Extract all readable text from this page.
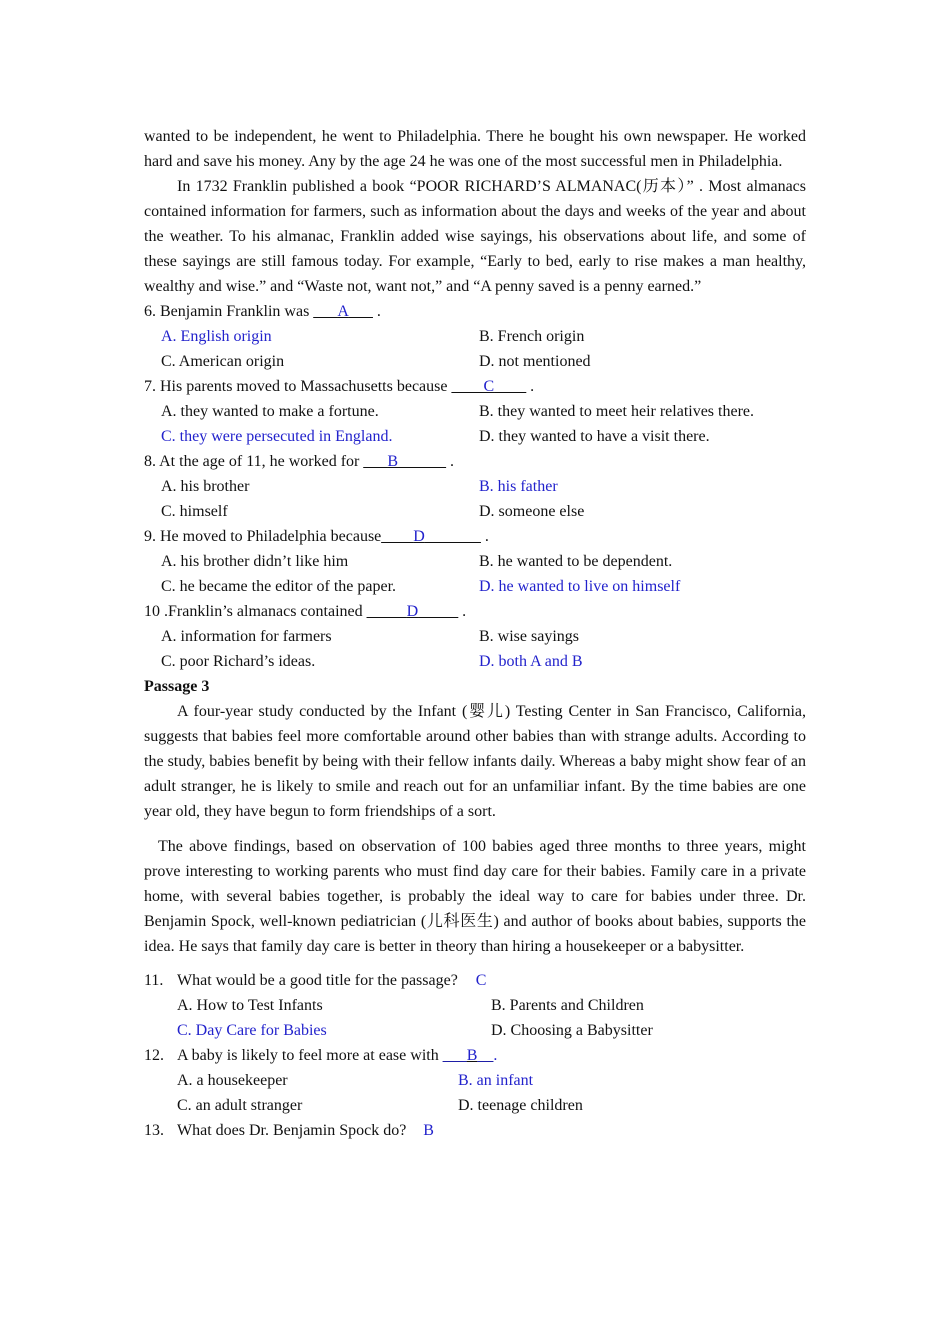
wanted to be independent, he went to Philadelphia. There he bought his own newspaper. He worked hard and save his money. Any by the age 24 he was one of the most successful men in Philadelphia.

In 1732 Franklin published a book “POOR RICHARD’S ALMANAC(历本）” . Most almanacs contained information for farmers, such as information about the days and weeks of the year and about the weather. To his almanac, Franklin added wise sayings, his observations about life, and some of these sayings are still famous today. For example, “Early to bed, early to rise makes a man healthy, wealthy and wise.” and “Waste not, want not,” and “A penny saved is a penny earned.”

6. Benjamin Franklin was ___A___ .
A. English origin	B. French origin
C. American origin	D. not mentioned
7. His parents moved to Massachusetts because ____C____ .
A. they wanted to make a fortune.	B. they wanted to meet heir relatives there.
C. they were persecuted in England.	D. they wanted to have a visit there.
8. At the age of 11, he worked for ___B______ .
A. his brother	B. his father
C. himself	D. someone else
9. He moved to Philadelphia because____D_______ .
A. his brother didn’t like him	B. he wanted to be dependent.
C. he became the editor of the paper.	D. he wanted to live on himself
10 .Franklin’s almanacs contained _____D_____ .
A. information for farmers	B. wise sayings
C. poor Richard’s ideas.	D. both A and B
Passage 3

A four-year study conducted by the Infant (婴儿) Testing Center in San Francisco, California, suggests that babies feel more comfortable around other babies than with strange adults. According to the study, babies benefit by being with their fellow infants daily. Whereas a baby might show fear of an adult stranger, he is likely to smile and reach out for an unfamiliar infant. By the time babies are one year old, they have begun to form friendships of a sort.

The above findings, based on observation of 100 babies aged three months to three years, might prove interesting to working parents who must find day care for their babies. Family care in a private home, with several babies together, is probably the ideal way to care for babies under three. Dr. Benjamin Spock, well-known pediatrician (儿科医生) and author of books about babies, supports the idea. He says that family day care is better in theory than hiring a housekeeper or a babysitter.

11. What would be a good title for the passage? C
A. How to Test Infants	B. Parents and Children
C. Day Care for Babies	D. Choosing a Babysitter
12. A baby is likely to feel more at ease with ___B__.
A. a housekeeper	B. an infant
C. an adult stranger	D. teenage children
13. What does Dr. Benjamin Spock do? B
